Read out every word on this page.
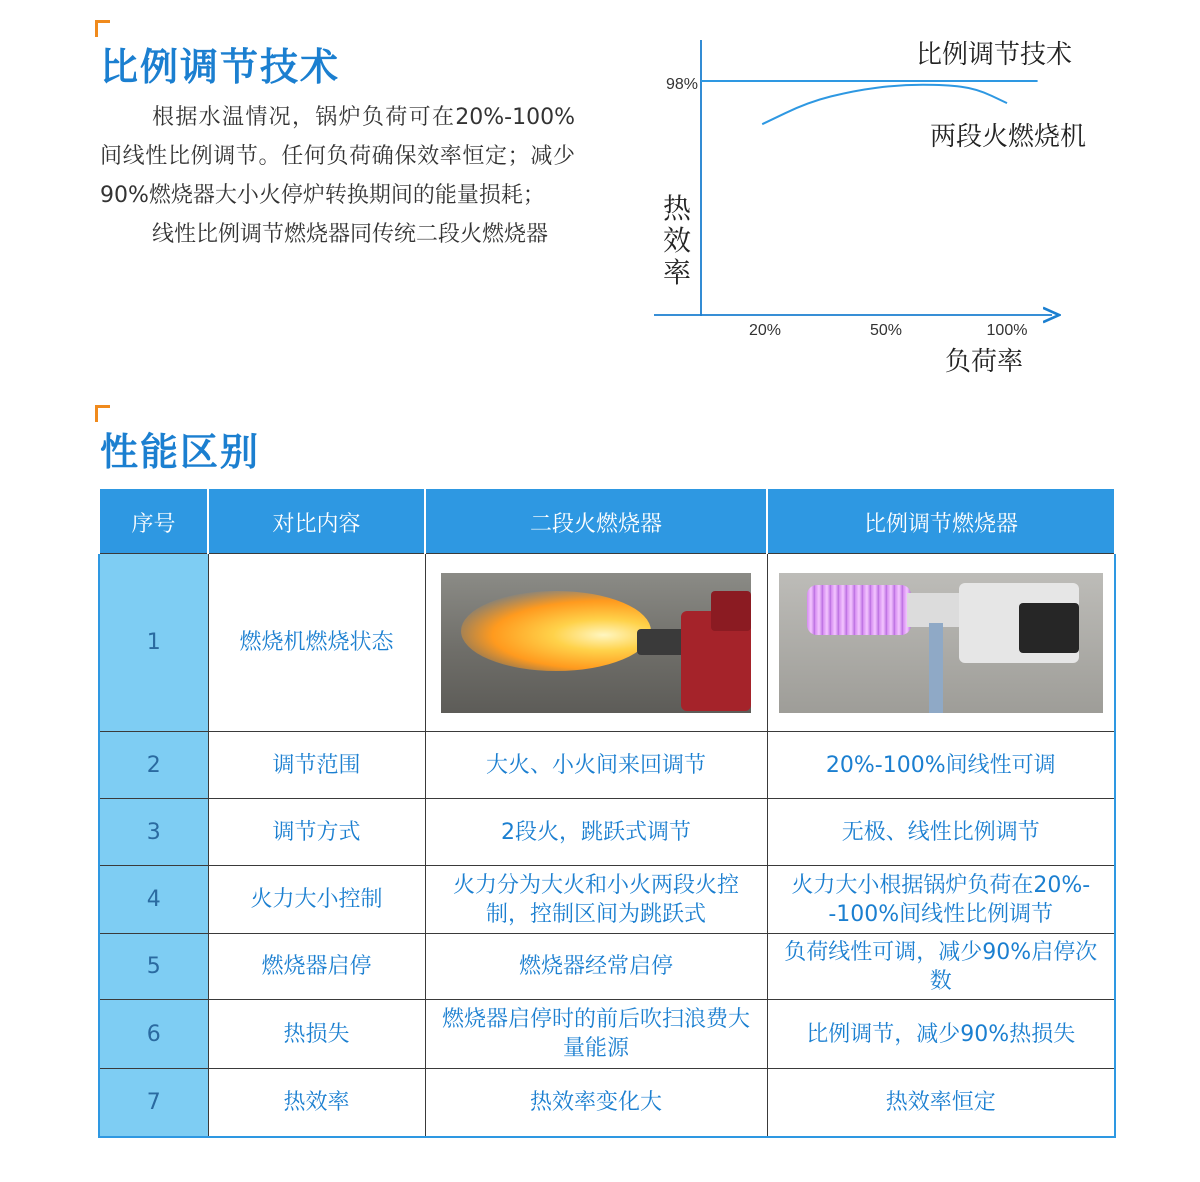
比例调节技术

根据水温情况，锅炉负荷可在20%-100%间线性比例调节。任何负荷确保效率恒定；减少90%燃烧器大小火停炉转换期间的能量损耗；

线性比例调节燃烧器同传统二段火燃烧器

98%
20%	50%	100%
热
效
率
负荷率
比例调节技术
两段火燃烧机
性能区别
序号	对比内容	二段火燃烧器	比例调节燃烧器
1	燃烧机燃烧状态	

2	调节范围	大火、小火间来回调节	20%-100%间线性可调
3	调节方式	2段火，跳跃式调节	无极、线性比例调节
4	火力大小控制	火力分为大火和小火两段火控制，控制区间为跳跃式	火力大小根据锅炉负荷在20%--100%间线性比例调节
5	燃烧器启停	燃烧器经常启停	负荷线性可调，减少90%启停次数
6	热损失	燃烧器启停时的前后吹扫浪费大量能源	比例调节，减少90%热损失
7	热效率	热效率变化大	热效率恒定
